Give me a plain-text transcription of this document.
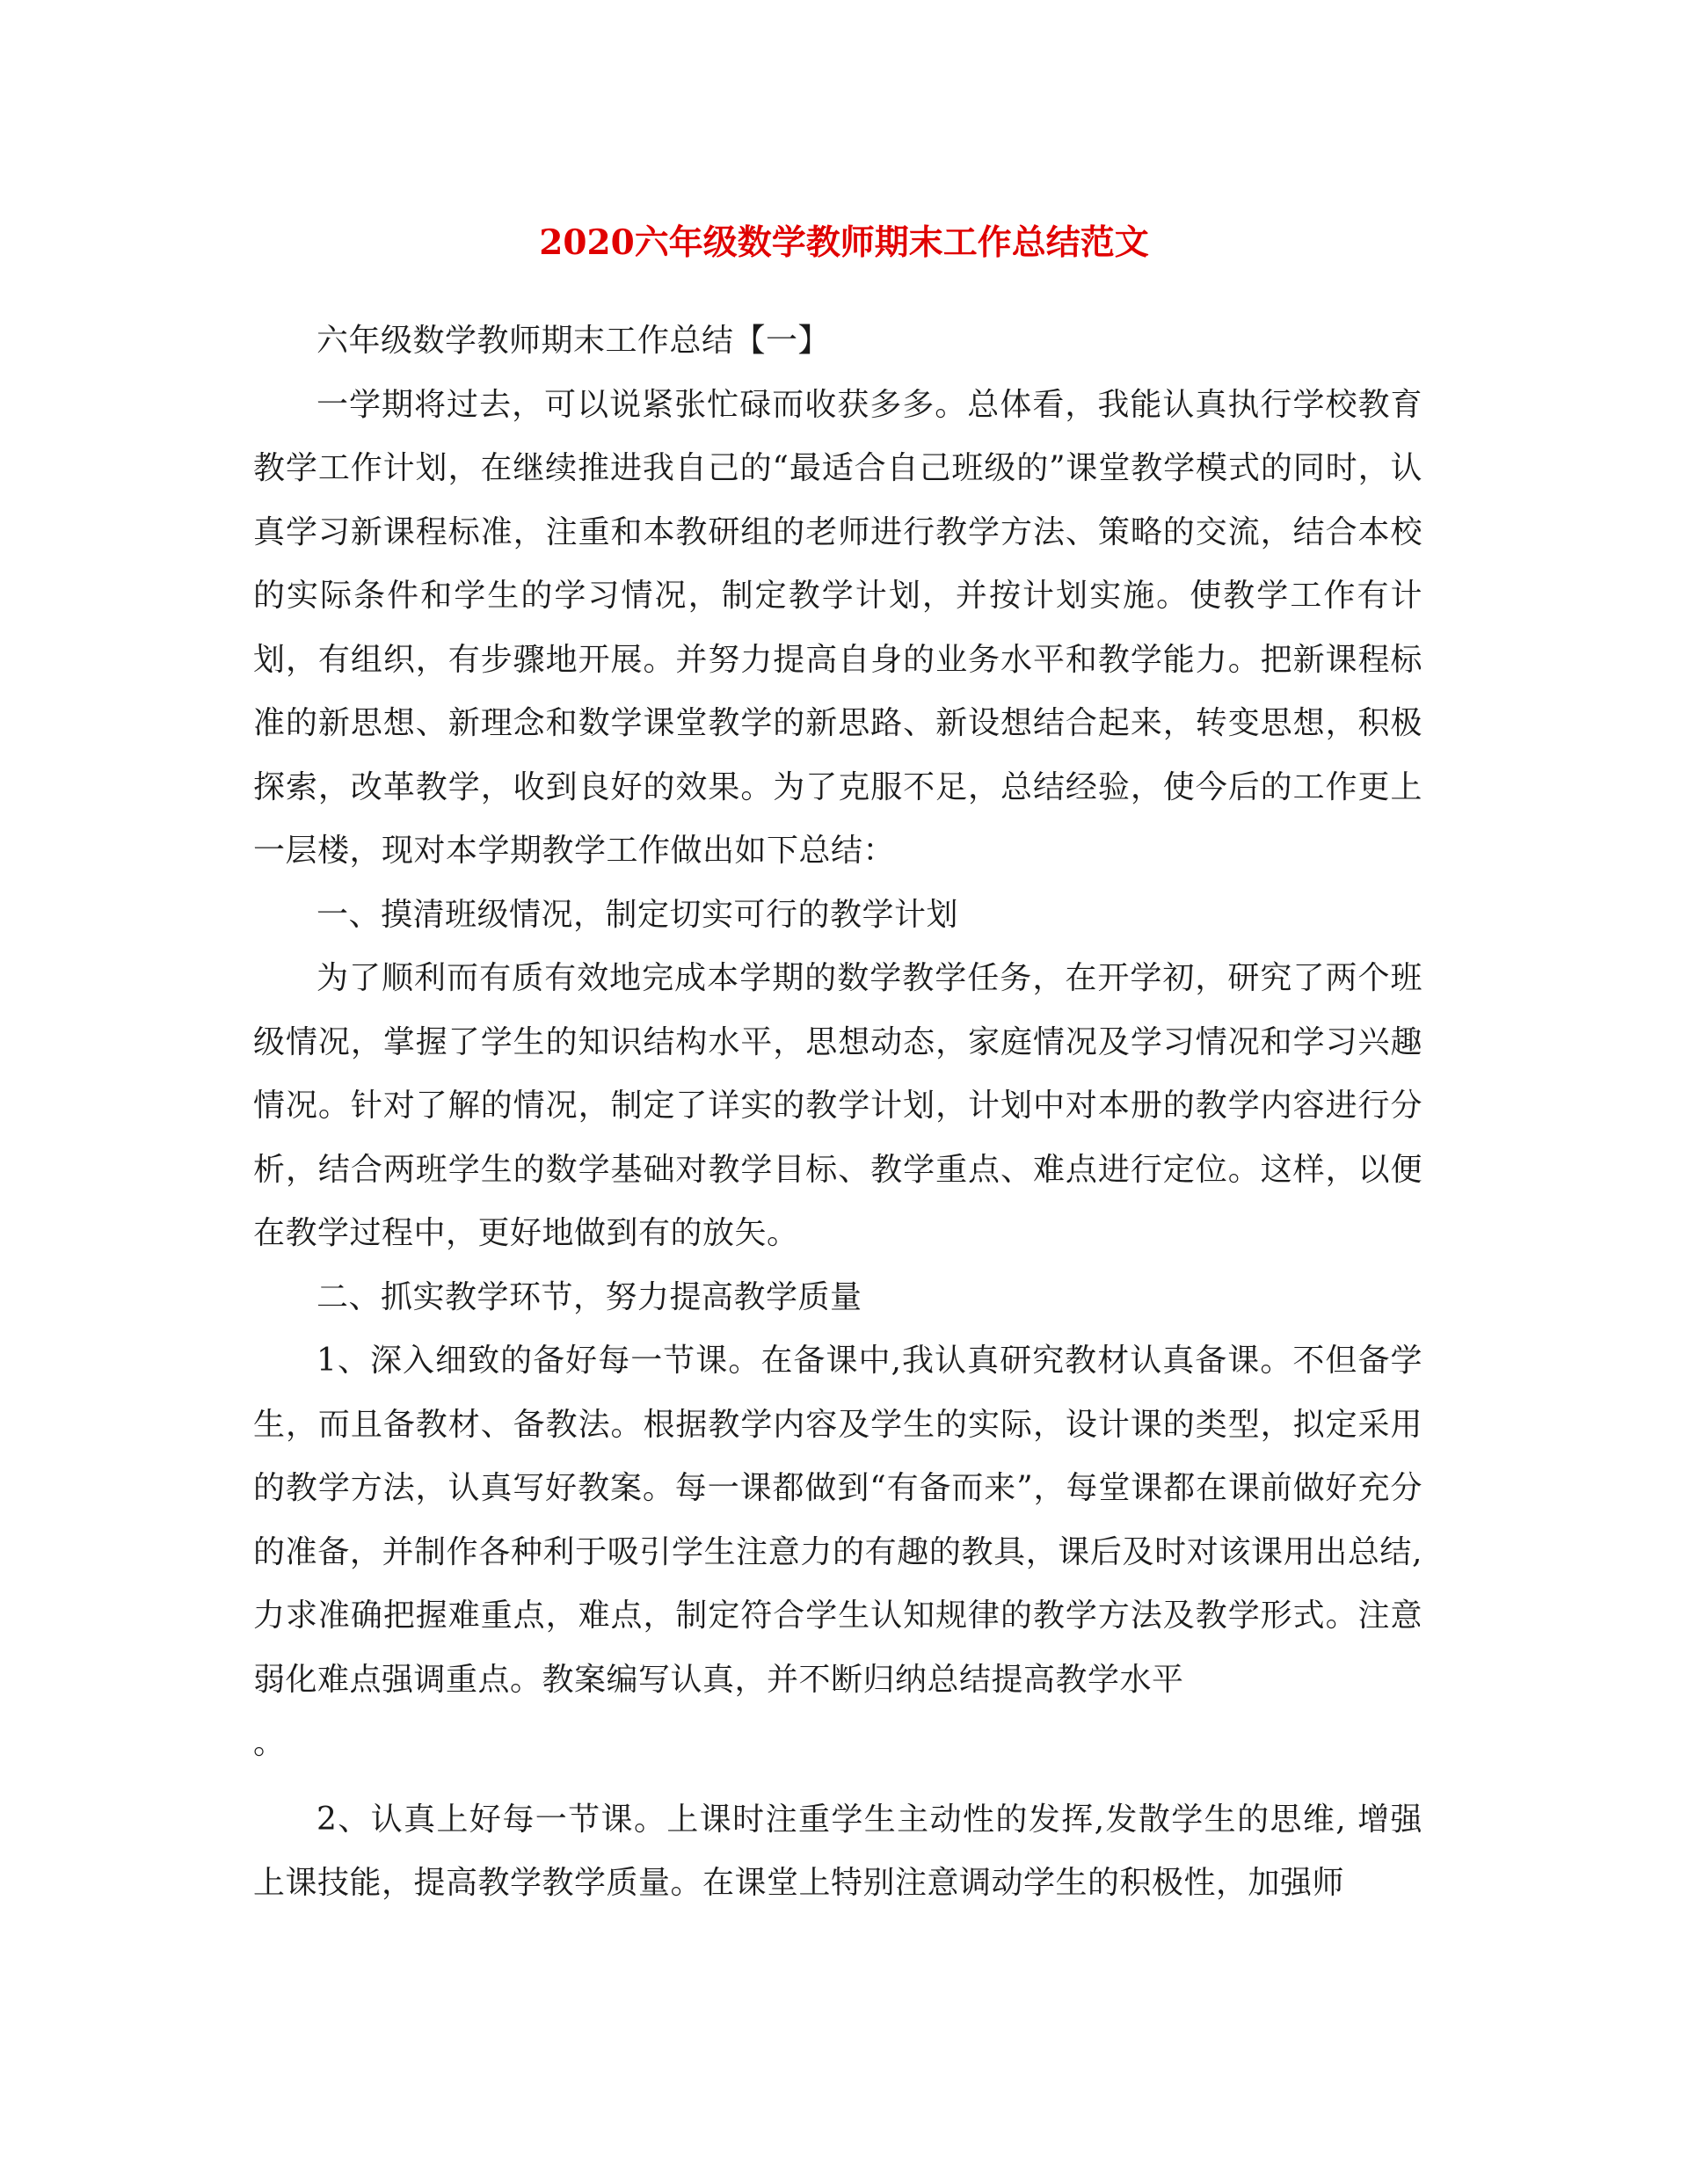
2020六年级数学教师期末工作总结范文

六年级数学教师期末工作总结【一】

一学期将过去，可以说紧张忙碌而收获多多。总体看，我能认真执行学校教育教学工作计划，在继续推进我自己的“最适合自己班级的”课堂教学模式的同时，认真学习新课程标准，注重和本教研组的老师进行教学方法、策略的交流，结合本校的实际条件和学生的学习情况，制定教学计划，并按计划实施。使教学工作有计划，有组织，有步骤地开展。并努力提高自身的业务水平和教学能力。把新课程标准的新思想、新理念和数学课堂教学的新思路、新设想结合起来，转变思想，积极探索，改革教学，收到良好的效果。为了克服不足，总结经验，使今后的工作更上一层楼，现对本学期教学工作做出如下总结：

一、摸清班级情况，制定切实可行的教学计划

为了顺利而有质有效地完成本学期的数学教学任务，在开学初，研究了两个班级情况，掌握了学生的知识结构水平，思想动态，家庭情况及学习情况和学习兴趣情况。针对了解的情况，制定了详实的教学计划，计划中对本册的教学内容进行分析，结合两班学生的数学基础对教学目标、教学重点、难点进行定位。这样，以便在教学过程中，更好地做到有的放矢。

二、抓实教学环节，努力提高教学质量

1、深入细致的备好每一节课。在备课中,我认真研究教材认真备课。不但备学生，而且备教材、备教法。根据教学内容及学生的实际，设计课的类型，拟定采用的教学方法，认真写好教案。每一课都做到“有备而来”，每堂课都在课前做好充分的准备，并制作各种利于吸引学生注意力的有趣的教具，课后及时对该课用出总结,力求准确把握难重点，难点，制定符合学生认知规律的教学方法及教学形式。注意弱化难点强调重点。教案编写认真，并不断归纳总结提高教学水平

。

2、认真上好每一节课。上课时注重学生主动性的发挥,发散学生的思维, 增强上课技能，提高教学教学质量。在课堂上特别注意调动学生的积极性，加强师
